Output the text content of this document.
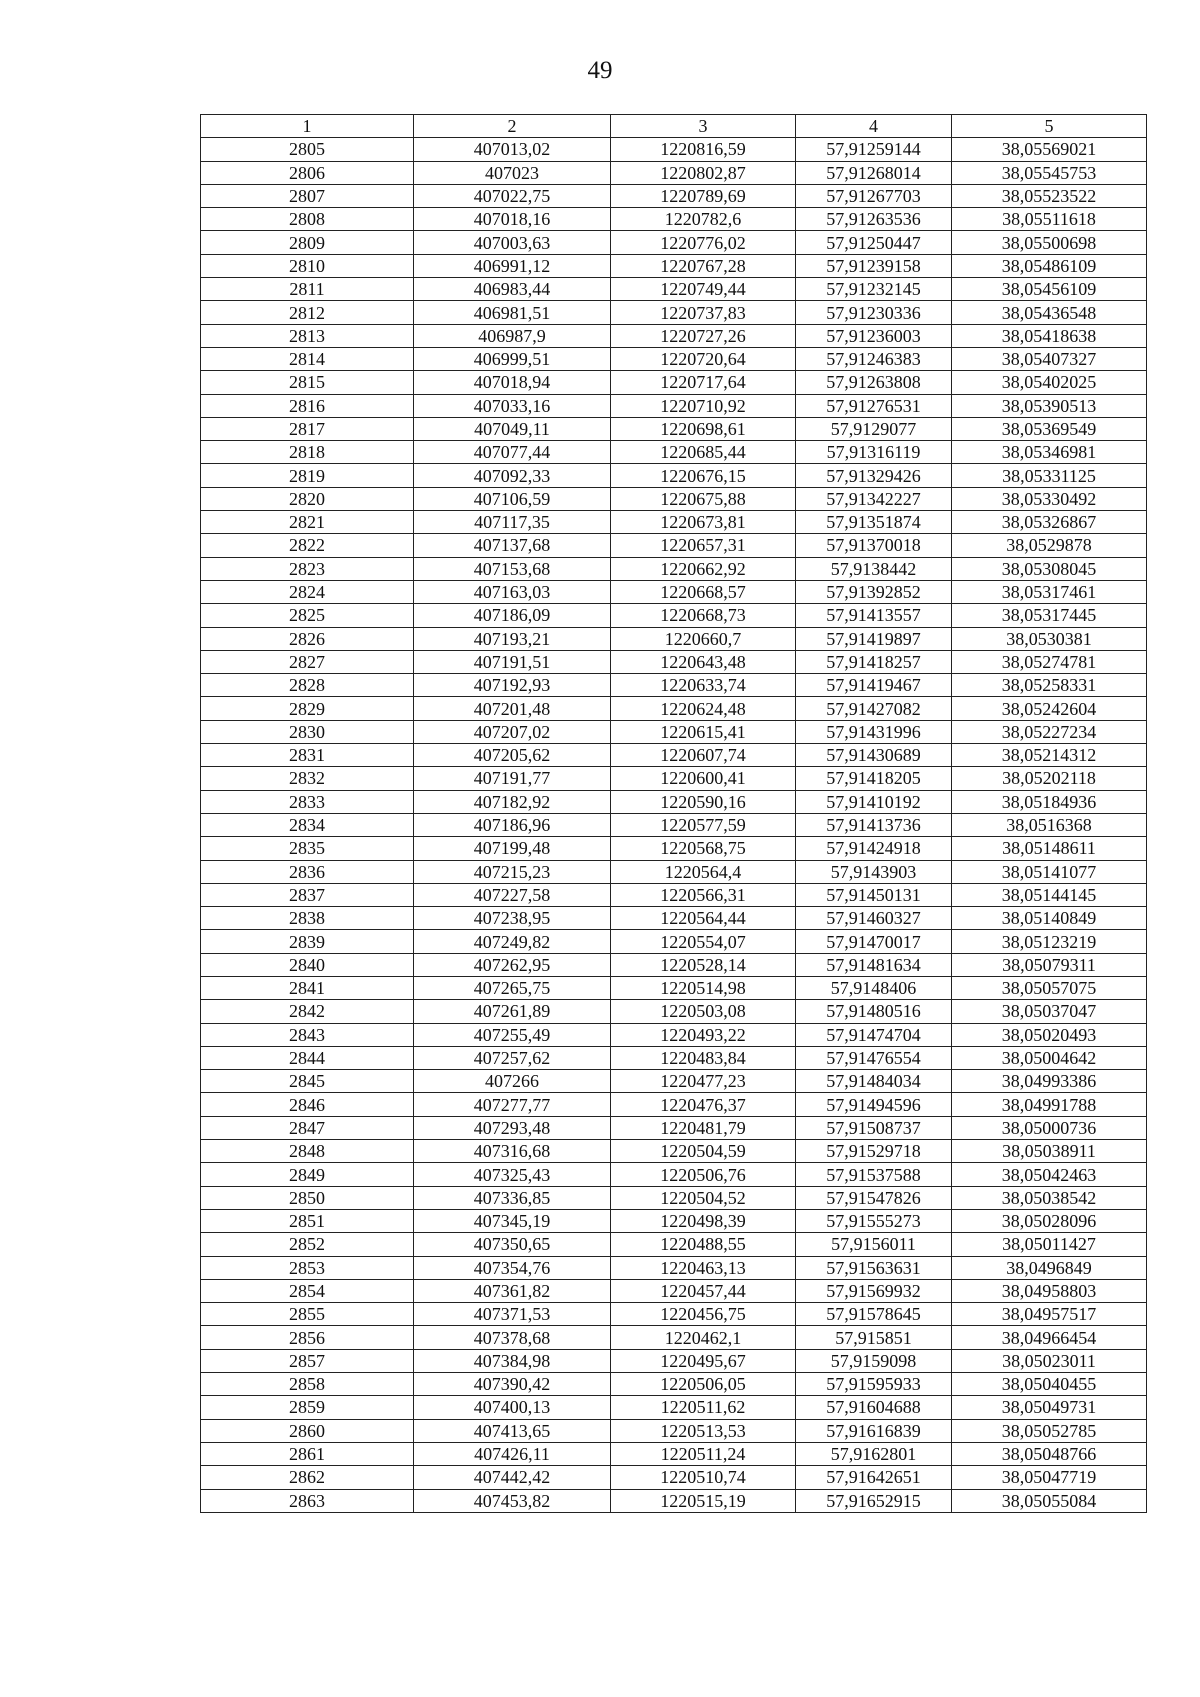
49
1	2	3	4	5
2805	407013,02	1220816,59	57,91259144	38,05569021
2806	407023	1220802,87	57,91268014	38,05545753
2807	407022,75	1220789,69	57,91267703	38,05523522
2808	407018,16	1220782,6	57,91263536	38,05511618
2809	407003,63	1220776,02	57,91250447	38,05500698
2810	406991,12	1220767,28	57,91239158	38,05486109
2811	406983,44	1220749,44	57,91232145	38,05456109
2812	406981,51	1220737,83	57,91230336	38,05436548
2813	406987,9	1220727,26	57,91236003	38,05418638
2814	406999,51	1220720,64	57,91246383	38,05407327
2815	407018,94	1220717,64	57,91263808	38,05402025
2816	407033,16	1220710,92	57,91276531	38,05390513
2817	407049,11	1220698,61	57,9129077	38,05369549
2818	407077,44	1220685,44	57,91316119	38,05346981
2819	407092,33	1220676,15	57,91329426	38,05331125
2820	407106,59	1220675,88	57,91342227	38,05330492
2821	407117,35	1220673,81	57,91351874	38,05326867
2822	407137,68	1220657,31	57,91370018	38,0529878
2823	407153,68	1220662,92	57,9138442	38,05308045
2824	407163,03	1220668,57	57,91392852	38,05317461
2825	407186,09	1220668,73	57,91413557	38,05317445
2826	407193,21	1220660,7	57,91419897	38,0530381
2827	407191,51	1220643,48	57,91418257	38,05274781
2828	407192,93	1220633,74	57,91419467	38,05258331
2829	407201,48	1220624,48	57,91427082	38,05242604
2830	407207,02	1220615,41	57,91431996	38,05227234
2831	407205,62	1220607,74	57,91430689	38,05214312
2832	407191,77	1220600,41	57,91418205	38,05202118
2833	407182,92	1220590,16	57,91410192	38,05184936
2834	407186,96	1220577,59	57,91413736	38,0516368
2835	407199,48	1220568,75	57,91424918	38,05148611
2836	407215,23	1220564,4	57,9143903	38,05141077
2837	407227,58	1220566,31	57,91450131	38,05144145
2838	407238,95	1220564,44	57,91460327	38,05140849
2839	407249,82	1220554,07	57,91470017	38,05123219
2840	407262,95	1220528,14	57,91481634	38,05079311
2841	407265,75	1220514,98	57,9148406	38,05057075
2842	407261,89	1220503,08	57,91480516	38,05037047
2843	407255,49	1220493,22	57,91474704	38,05020493
2844	407257,62	1220483,84	57,91476554	38,05004642
2845	407266	1220477,23	57,91484034	38,04993386
2846	407277,77	1220476,37	57,91494596	38,04991788
2847	407293,48	1220481,79	57,91508737	38,05000736
2848	407316,68	1220504,59	57,91529718	38,05038911
2849	407325,43	1220506,76	57,91537588	38,05042463
2850	407336,85	1220504,52	57,91547826	38,05038542
2851	407345,19	1220498,39	57,91555273	38,05028096
2852	407350,65	1220488,55	57,9156011	38,05011427
2853	407354,76	1220463,13	57,91563631	38,0496849
2854	407361,82	1220457,44	57,91569932	38,04958803
2855	407371,53	1220456,75	57,91578645	38,04957517
2856	407378,68	1220462,1	57,915851	38,04966454
2857	407384,98	1220495,67	57,9159098	38,05023011
2858	407390,42	1220506,05	57,91595933	38,05040455
2859	407400,13	1220511,62	57,91604688	38,05049731
2860	407413,65	1220513,53	57,91616839	38,05052785
2861	407426,11	1220511,24	57,9162801	38,05048766
2862	407442,42	1220510,74	57,91642651	38,05047719
2863	407453,82	1220515,19	57,91652915	38,05055084
